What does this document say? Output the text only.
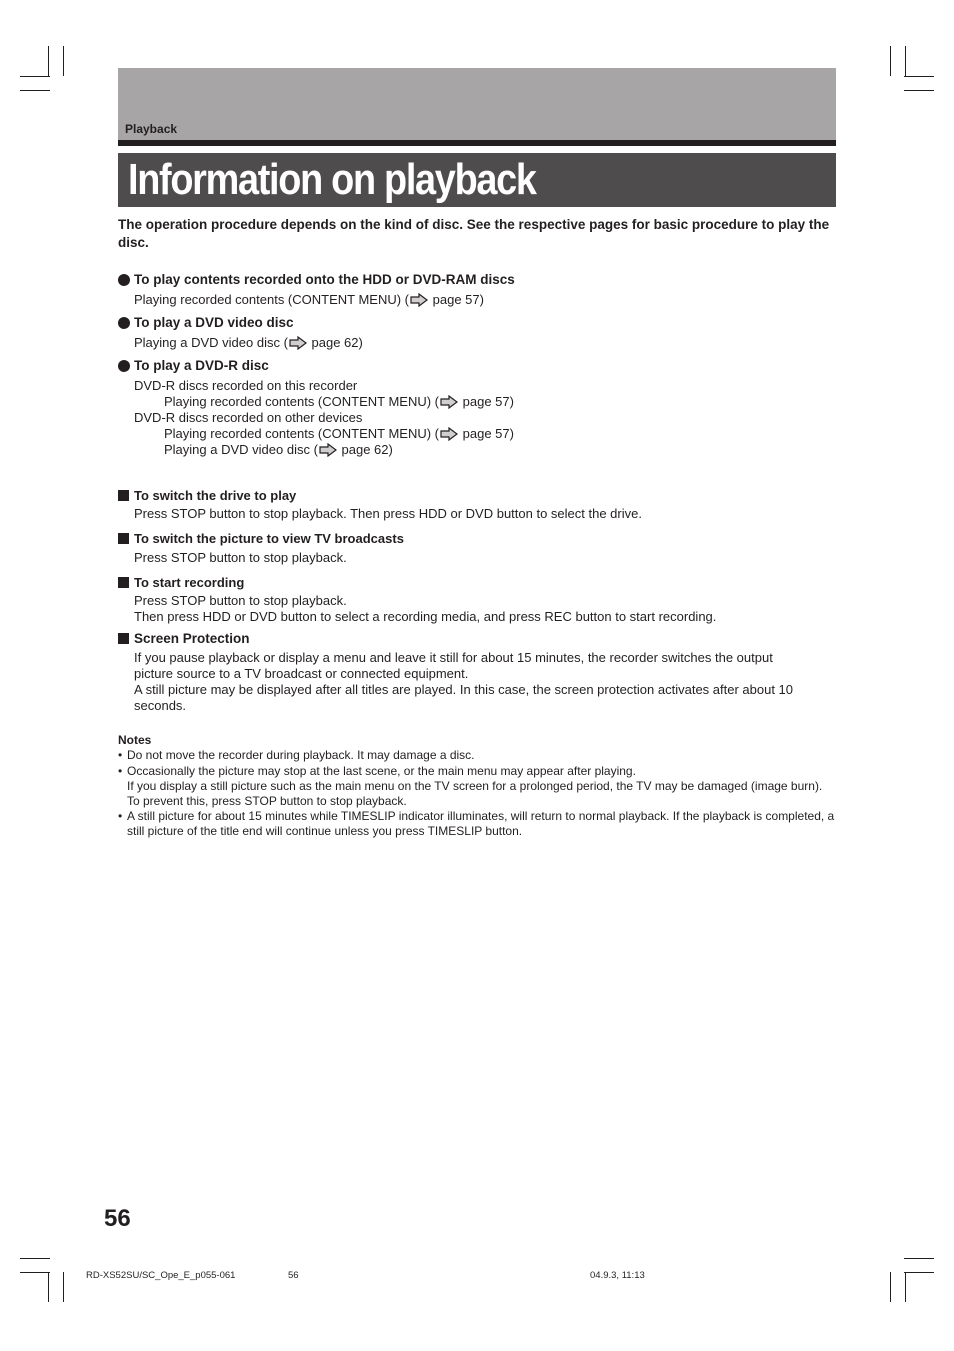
Playback
Information on playback
The operation procedure depends on the kind of disc. See the respective pages for basic procedure to play the disc.
To play contents recorded onto the HDD or DVD-RAM discs
Playing recorded contents (CONTENT MENU) ( page 57)
To play a DVD video disc
Playing a DVD video disc ( page 62)
To play a DVD-R disc
DVD-R discs recorded on this recorder
Playing recorded contents (CONTENT MENU) ( page 57)
DVD-R discs recorded on other devices
Playing recorded contents (CONTENT MENU) ( page 57)
Playing a DVD video disc ( page 62)
To switch the drive to play
Press STOP button to stop playback. Then press HDD or DVD button to select the drive.
To switch the picture to view TV broadcasts
Press STOP button to stop playback.
To start recording
Press STOP button to stop playback.
Then press HDD or DVD button to select a recording media, and press REC button to start recording.
Screen Protection
If you pause playback or display a menu and leave it still for about 15 minutes, the recorder switches the output picture source to a TV broadcast or connected equipment.
A still picture may be displayed after all titles are played. In this case, the screen protection activates after about 10 seconds.
Notes
• Do not move the recorder during playback. It may damage a disc.
• Occasionally the picture may stop at the last scene, or the main menu may appear after playing.
If you display a still picture such as the main menu on the TV screen for a prolonged period, the TV may be damaged (image burn). To prevent this, press STOP button to stop playback.
• A still picture for about 15 minutes while TIMESLIP indicator illuminates, will return to normal playback. If the playback is completed, a still picture of the title end will continue unless you press TIMESLIP button.
56
RD-XS52SU/SC_Ope_E_p055-061	56	04.9.3, 11:13
